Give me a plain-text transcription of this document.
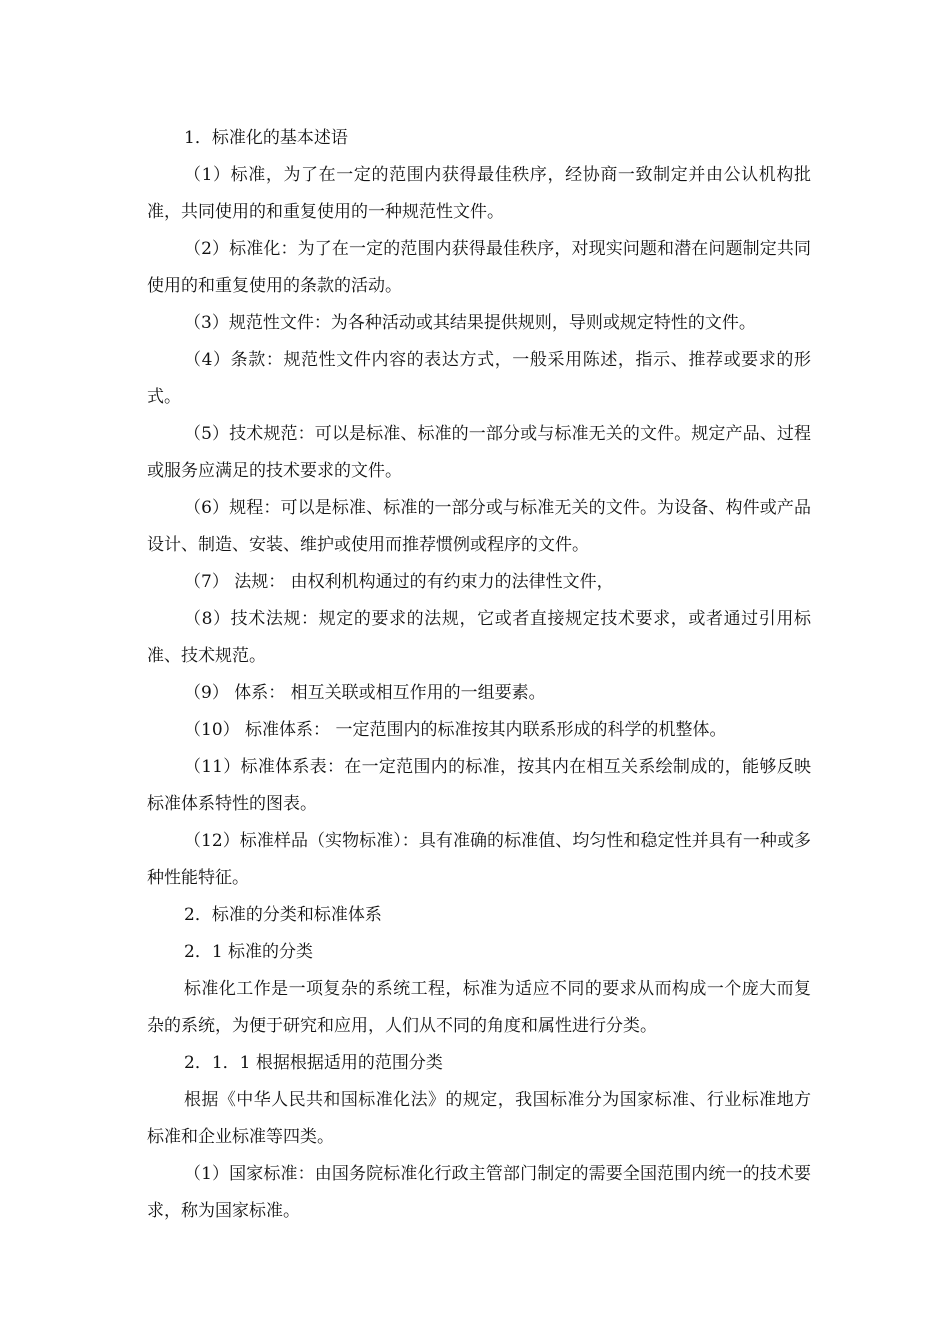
1．标准化的基本述语

（1）标准，为了在一定的范围内获得最佳秩序，经协商一致制定并由公认机构批准，共同使用的和重复使用的一种规范性文件。

（2）标准化：为了在一定的范围内获得最佳秩序，对现实问题和潜在问题制定共同使用的和重复使用的条款的活动。

（3）规范性文件：为各种活动或其结果提供规则，导则或规定特性的文件。

（4）条款：规范性文件内容的表达方式，一般采用陈述，指示、推荐或要求的形式。

（5）技术规范：可以是标准、标准的一部分或与标准无关的文件。规定产品、过程或服务应满足的技术要求的文件。

（6）规程：可以是标准、标准的一部分或与标准无关的文件。为设备、构件或产品设计、制造、安装、维护或使用而推荐惯例或程序的文件。

（7） 法规： 由权利机构通过的有约束力的法律性文件，

（8）技术法规：规定的要求的法规，它或者直接规定技术要求，或者通过引用标准、技术规范。

（9） 体系： 相互关联或相互作用的一组要素。

（10） 标准体系： 一定范围内的标准按其内联系形成的科学的机整体。

（11）标准体系表：在一定范围内的标准，按其内在相互关系绘制成的，能够反映标准体系特性的图表。

（12）标准样品（实物标准）：具有准确的标准值、均匀性和稳定性并具有一种或多种性能特征。

2．标准的分类和标准体系

2．1 标准的分类

标准化工作是一项复杂的系统工程，标准为适应不同的要求从而构成一个庞大而复杂的系统，为便于研究和应用，人们从不同的角度和属性进行分类。

2．1．1 根据根据适用的范围分类

根据《中华人民共和国标准化法》的规定，我国标准分为国家标准、行业标准地方标准和企业标准等四类。

（1）国家标准：由国务院标准化行政主管部门制定的需要全国范围内统一的技术要求，称为国家标准。
